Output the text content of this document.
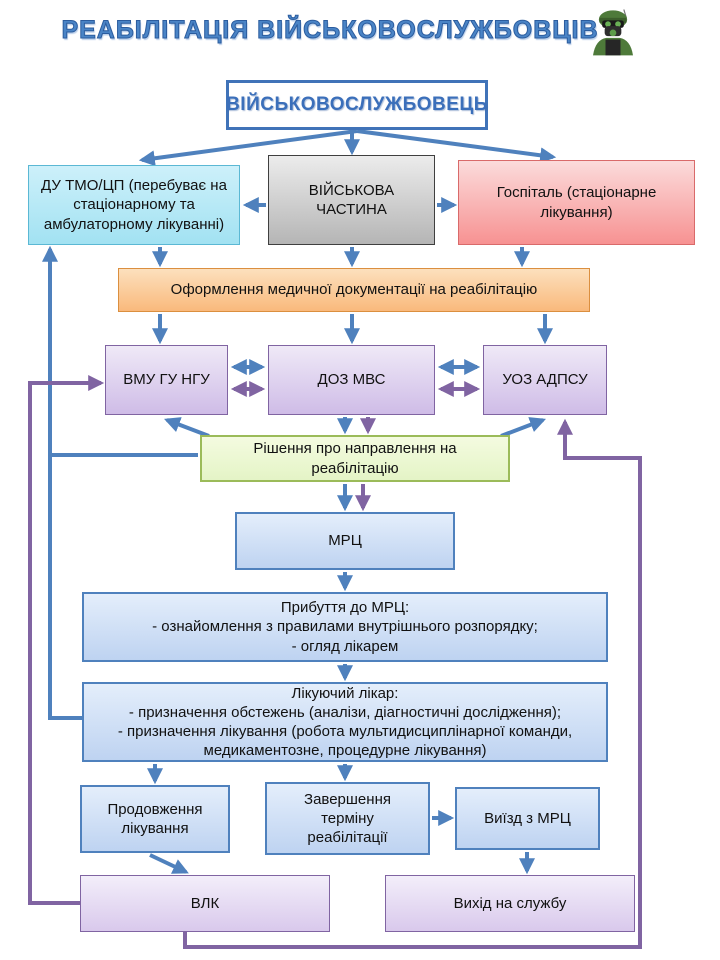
РЕАБІЛІТАЦІЯ ВІЙСЬКОВОСЛУЖБОВЦІВ
ВІЙСЬКОВОСЛУЖБОВЕЦЬ
ДУ ТМО/ЦП (перебуває на стаціонарному та амбулаторному лікуванні)
ВІЙСЬКОВА ЧАСТИНА
Госпіталь (стаціонарне лікування)
Оформлення медичної документації на реабілітацію
ВМУ ГУ НГУ	ДОЗ МВС	УОЗ АДПСУ
Рішення про направлення на реабілітацію
МРЦ
Прибуття до МРЦ:
- ознайомлення з правилами внутрішнього розпорядку;
- огляд лікарем
Лікуючий лікар:
- призначення обстежень (аналізи, діагностичні дослідження);
- призначення лікування (робота мультидисциплінарної команди, медикаментозне, процедурне лікування)
Продовження лікування
Завершення терміну реабілітації
Виїзд з МРЦ
ВЛК	Вихід на службу
